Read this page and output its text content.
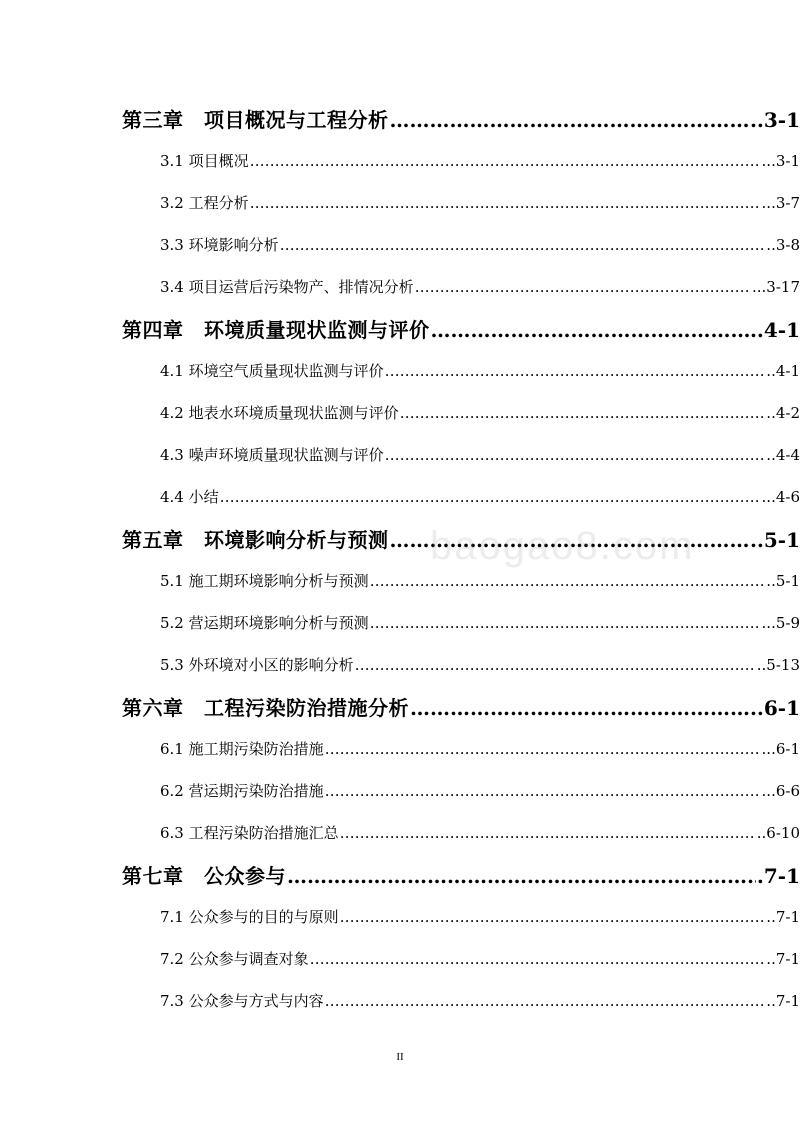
第三章　项目概况与工程分析 …………………………………………………………………………………………………………………………………………………	..3-1
3.1 项目概况 ………………………………………………………………………………………………………………………………………………………………………………	...3-1
3.2 工程分析 ………………………………………………………………………………………………………………………………………………………………………………	...3-7
3.3 环境影响分析 ………………………………………………………………………………………………………………………………………………………………………………	..3-8
3.4 项目运营后污染物产、排情况分析 ………………………………………………………………………………………………………………………………………………………………………………	...3-17
第四章　环境质量现状监测与评价 …………………………………………………………………………………………………………………………………………………	..4-1
4.1 环境空气质量现状监测与评价 ………………………………………………………………………………………………………………………………………………………………………………	..4-1
4.2 地表水环境质量现状监测与评价 ………………………………………………………………………………………………………………………………………………………………………………	..4-2
4.3 噪声环境质量现状监测与评价 ………………………………………………………………………………………………………………………………………………………………………………	..4-4
4.4 小结 ………………………………………………………………………………………………………………………………………………………………………………	...4-6
第五章　环境影响分析与预测 …………………………………………………………………………………………………………………………………………………	..5-1
5.1 施工期环境影响分析与预测 ………………………………………………………………………………………………………………………………………………………………………………	..5-1
5.2 营运期环境影响分析与预测 ………………………………………………………………………………………………………………………………………………………………………………	...5-9
5.3 外环境对小区的影响分析 ………………………………………………………………………………………………………………………………………………………………………………	..5-13
第六章　工程污染防治措施分析 …………………………………………………………………………………………………………………………………………………	..6-1
6.1 施工期污染防治措施 ………………………………………………………………………………………………………………………………………………………………………………	...6-1
6.2 营运期污染防治措施 ………………………………………………………………………………………………………………………………………………………………………………	...6-6
6.3 工程污染防治措施汇总 ………………………………………………………………………………………………………………………………………………………………………………	..6-10
第七章　公众参与 …………………………………………………………………………………………………………………………………………………	.7-1
7.1 公众参与的目的与原则 ………………………………………………………………………………………………………………………………………………………………………………	..7-1
7.2 公众参与调查对象 ………………………………………………………………………………………………………………………………………………………………………………	..7-1
7.3 公众参与方式与内容 ………………………………………………………………………………………………………………………………………………………………………………	..7-1
baogao8.com
II
